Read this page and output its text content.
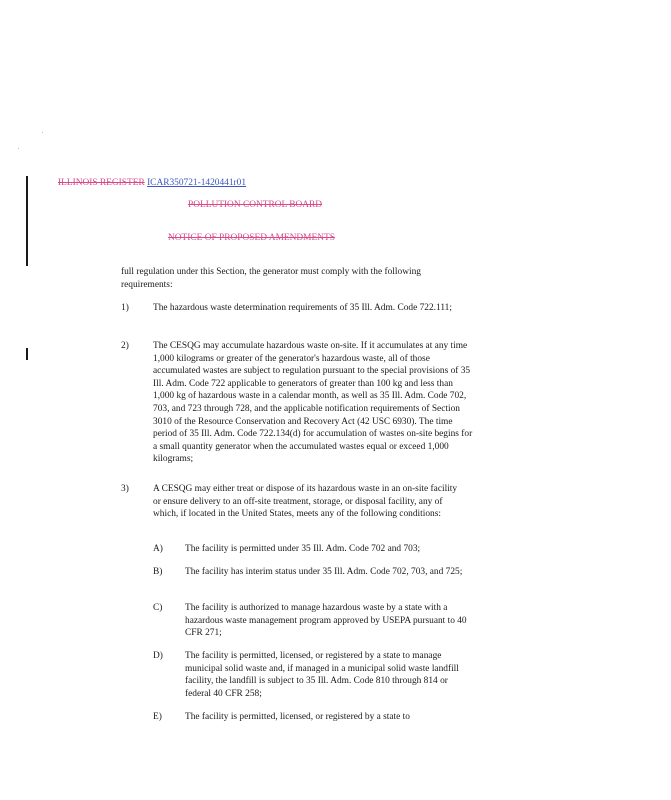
ILLINOIS REGISTER ICAR350721-1420441r01
POLLUTION CONTROL BOARD
NOTICE OF PROPOSED AMENDMENTS
full regulation under this Section, the generator must comply with the following requirements:
1)	The hazardous waste determination requirements of 35 Ill. Adm. Code 722.111;
2)	The CESQG may accumulate hazardous waste on-site. If it accumulates at any time 1,000 kilograms or greater of the generator's hazardous waste, all of those accumulated wastes are subject to regulation pursuant to the special provisions of 35 Ill. Adm. Code 722 applicable to generators of greater than 100 kg and less than 1,000 kg of hazardous waste in a calendar month, as well as 35 Ill. Adm. Code 702, 703, and 723 through 728, and the applicable notification requirements of Section 3010 of the Resource Conservation and Recovery Act (42 USC 6930). The time period of 35 Ill. Adm. Code 722.134(d) for accumulation of wastes on-site begins for a small quantity generator when the accumulated wastes equal or exceed 1,000 kilograms;
3)	A CESQG may either treat or dispose of its hazardous waste in an on-site facility or ensure delivery to an off-site treatment, storage, or disposal facility, any of which, if located in the United States, meets any of the following conditions:
A) The facility is permitted under 35 Ill. Adm. Code 702 and 703;
B) The facility has interim status under 35 Ill. Adm. Code 702, 703, and 725;
C) The facility is authorized to manage hazardous waste by a state with a hazardous waste management program approved by USEPA pursuant to 40 CFR 271;
D) The facility is permitted, licensed, or registered by a state to manage municipal solid waste and, if managed in a municipal solid waste landfill facility, the landfill is subject to 35 Ill. Adm. Code 810 through 814 or federal 40 CFR 258;
E) The facility is permitted, licensed, or registered by a state to
